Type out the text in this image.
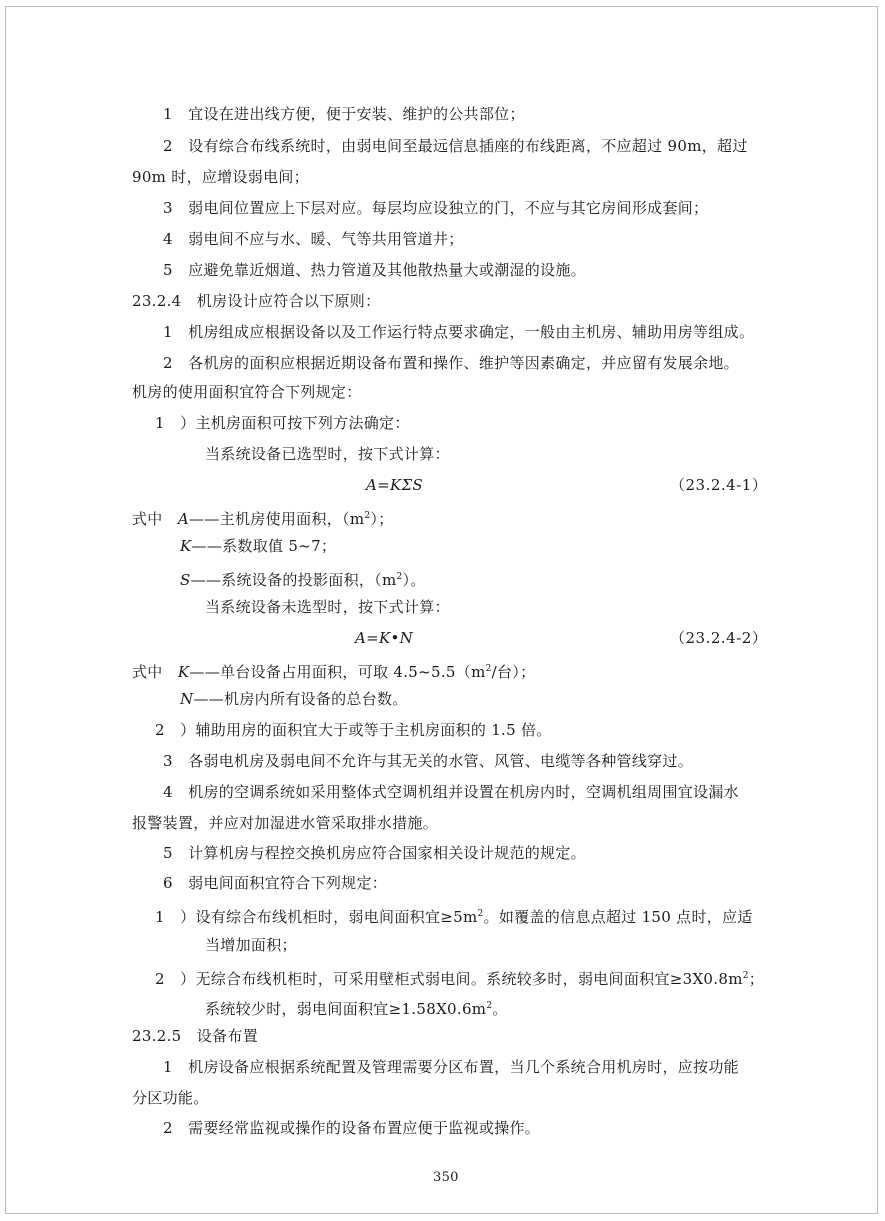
1　宜设在进出线方便，便于安装、维护的公共部位；
2　设有综合布线系统时，由弱电间至最远信息插座的布线距离，不应超过 90m，超过
90m 时，应增设弱电间；
3　弱电间位置应上下层对应。每层均应设独立的门，不应与其它房间形成套间；
4　弱电间不应与水、暖、气等共用管道井；
5　应避免靠近烟道、热力管道及其他散热量大或潮湿的设施。
23.2.4　机房设计应符合以下原则：
1　机房组成应根据设备以及工作运行特点要求确定，一般由主机房、辅助用房等组成。
2　各机房的面积应根据近期设备布置和操作、维护等因素确定，并应留有发展余地。
机房的使用面积宜符合下列规定：
1　）主机房面积可按下列方法确定：
当系统设备已选型时，按下式计算：
A=KΣS	（23.2.4-1）
式中　A——主机房使用面积，$(m^2)$；
K——系数取值 5~7；
S——系统设备的投影面积，$(m^2)$。
当系统设备未选型时，按下式计算：
A=K•N	（23.2.4-2）
式中　K——单台设备占用面积，可取 $4.5\sim 5.5(m^2/$台）；
N——机房内所有设备的总台数。
2　）辅助用房的面积宜大于或等于主机房面积的 1.5 倍。
3　各弱电机房及弱电间不允许与其无关的水管、风管、电缆等各种管线穿过。
4　机房的空调系统如采用整体式空调机组并设置在机房内时，空调机组周围宜设漏水
报警装置，并应对加湿进水管采取排水措施。
5　计算机房与程控交换机房应符合国家相关设计规范的规定。
6　弱电间面积宜符合下列规定：
1　）设有综合布线机柜时，弱电间面积宜$\ge 5m^2$。如覆盖的信息点超过 150 点时，应适
当增加面积；
2　）无综合布线机柜时，可采用壁柜式弱电间。系统较多时，弱电间面积宜$\ge 3X0.8m^2$；
系统较少时，弱电间面积宜$\ge 1.58X0.6m^2$。
23.2.5　设备布置
1　机房设备应根据系统配置及管理需要分区布置，当几个系统合用机房时，应按功能
分区功能。
2　需要经常监视或操作的设备布置应便于监视或操作。
350
